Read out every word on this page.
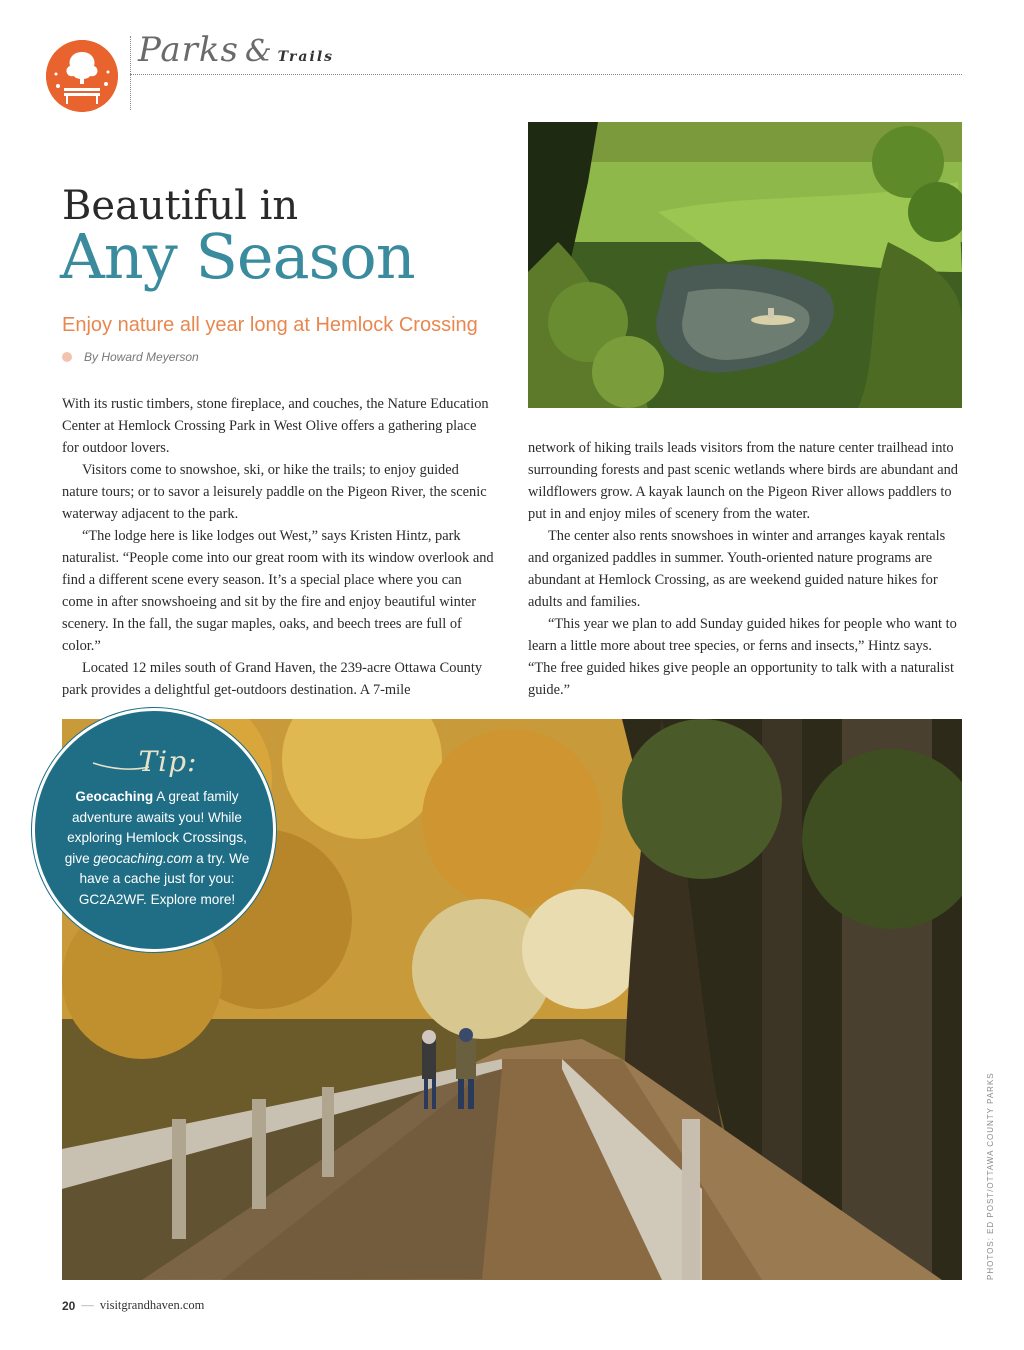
Parks & Trails
Beautiful in
Any Season
Enjoy nature all year long at Hemlock Crossing
By Howard Meyerson

With its rustic timbers, stone fireplace, and couches, the Nature Education Center at Hemlock Crossing Park in West Olive offers a gathering place for outdoor lovers.

Visitors come to snowshoe, ski, or hike the trails; to enjoy guided nature tours; or to savor a leisurely paddle on the Pigeon River, the scenic waterway adjacent to the park.

“The lodge here is like lodges out West,” says Kristen Hintz, park naturalist. “People come into our great room with its window overlook and find a different scene every season. It’s a special place where you can come in after snowshoeing and sit by the fire and enjoy beautiful winter scenery. In the fall, the sugar maples, oaks, and beech trees are full of color.”

Located 12 miles south of Grand Haven, the 239-acre Ottawa County park provides a delightful get-outdoors destination. A 7-mile

network of hiking trails leads visitors from the nature center trailhead into surrounding forests and past scenic wetlands where birds are abundant and wildflowers grow. A kayak launch on the Pigeon River allows paddlers to put in and enjoy miles of scenery from the water.

The center also rents snowshoes in winter and arranges kayak rentals and organized paddles in summer. Youth-oriented nature programs are abundant at Hemlock Crossing, as are weekend guided nature hikes for adults and families.

“This year we plan to add Sunday guided hikes for people who want to learn a little more about tree species, or ferns and insects,” Hintz says. “The free guided hikes give people an opportunity to talk with a naturalist guide.”

Tip:
Geocaching A great family adventure awaits you! While exploring Hemlock Crossings, give geocaching.com a try. We have a cache just for you: GC2A2WF. Explore more!
PHOTOS: ED POST/OTTAWA COUNTY PARKS
20 — visitgrandhaven.com
